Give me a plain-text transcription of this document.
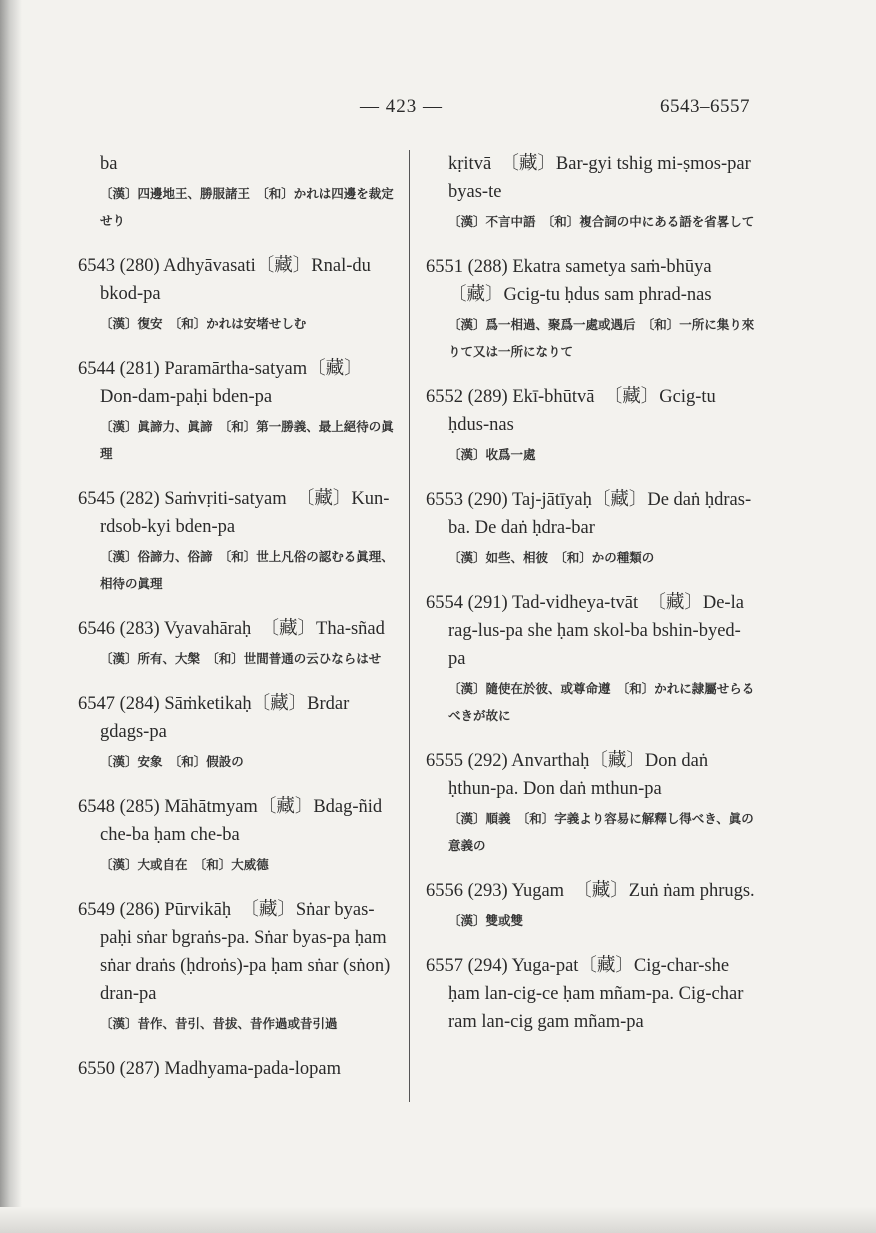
— 423 —	6543–6557
ba
〔漢〕四邊地王、勝服諸王　〔和〕かれは四邊を裁定せり
6543 (280) Adhyāvasati〔藏〕Rnal-du bkod-pa
〔漢〕復安　〔和〕かれは安堵せしむ
6544 (281) Paramārtha-satyam〔藏〕Don-dam-paḥi bden-pa
〔漢〕眞諦力、眞諦　〔和〕第一勝義、最上絕待の眞理
6545 (282) Saṁvṛiti-satyam　〔藏〕Kun-rdsob-kyi bden-pa
〔漢〕俗諦力、俗諦　〔和〕世上凡俗の認むる眞理、相待の眞理
6546 (283) Vyavahāraḥ　〔藏〕Tha-sñad
〔漢〕所有、大槃　〔和〕世間普通の云ひならはせ
6547 (284) Sāṁketikaḥ〔藏〕Brdar gdags-pa
〔漢〕安象　〔和〕假設の
6548 (285) Māhātmyam〔藏〕Bdag-ñid che-ba ḥam che-ba
〔漢〕大或自在　〔和〕大威德
6549 (286) Pūrvikāḥ　〔藏〕Sṅar byas-paḥi sṅar bgraṅs-pa. Sṅar byas-pa ḥam sṅar draṅs (ḥdroṅs)-pa ḥam sṅar (sṅon) dran-pa
〔漢〕昔作、昔引、昔拔、昔作過或昔引過
6550 (287) Madhyama-pada-lopam
kṛitvā　〔藏〕Bar-gyi tshig mi-ṣmos-par byas-te
〔漢〕不言中語　〔和〕複合詞の中にある語を省畧して
6551 (288) Ekatra sametya saṁ-bhūya　〔藏〕Gcig-tu ḥdus sam phrad-nas
〔漢〕爲一相過、聚爲一處或遇后　〔和〕一所に集り來りて又は一所になりて
6552 (289) Ekī-bhūtvā　〔藏〕Gcig-tu ḥdus-nas
〔漢〕收爲一處
6553 (290) Taj-jātīyaḥ〔藏〕De daṅ ḥdras-ba. De daṅ ḥdra-bar
〔漢〕如些、相彼　〔和〕かの種類の
6554 (291) Tad-vidheya-tvāt　〔藏〕De-la rag-lus-pa she ḥam skol-ba bshin-byed-pa
〔漢〕隨使在於彼、或尊命遵　〔和〕かれに隷屬せらるべきが故に
6555 (292) Anvarthaḥ〔藏〕Don daṅ ḥthun-pa. Don daṅ mthun-pa
〔漢〕順義　〔和〕字義より容易に解釋し得べき、眞の意義の
6556 (293) Yugam　〔藏〕Zuṅ ṅam phrugs.
〔漢〕雙或雙
6557 (294) Yuga-pat〔藏〕Cig-char-she ḥam lan-cig-ce ḥam mñam-pa. Cig-char ram lan-cig gam mñam-pa
